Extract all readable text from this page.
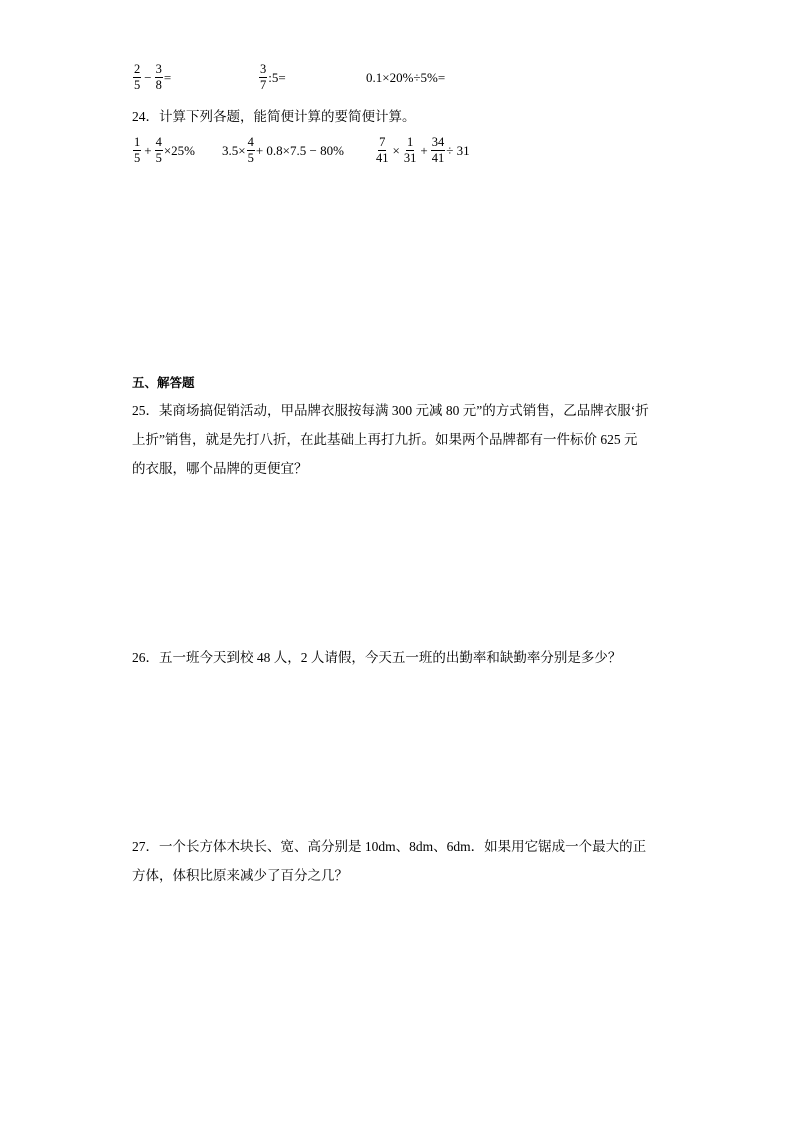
$\frac{2}{5} - \frac{3}{8}$ =	$\frac{3}{7}$ :5=	0.1×20%÷5%=
24．计算下列各题，能简便计算的要简便计算。
$\frac{1}{5} + \frac{4}{5} \times 25\%$ $3.5\times \frac{4}{5} + 0.8\times 7.5 - 80\% \frac{7}{41} \times \frac{1}{31} + \frac{34}{41} \div 31$
五、解答题
25．某商场搞促销活动，甲品牌衣服按每满 300 元减 80 元”的方式销售，乙品牌衣服‘折
上折”销售，就是先打八折，在此基础上再打九折。如果两个品牌都有一件标价 625 元
的衣服，哪个品牌的更便宜？
26．五一班今天到校 48 人，2 人请假，今天五一班的出勤率和缺勤率分别是多少？
27．一个长方体木块长、宽、高分别是 10dm、8dm、6dm．如果用它锯成一个最大的正
方体，体积比原来减少了百分之几？
